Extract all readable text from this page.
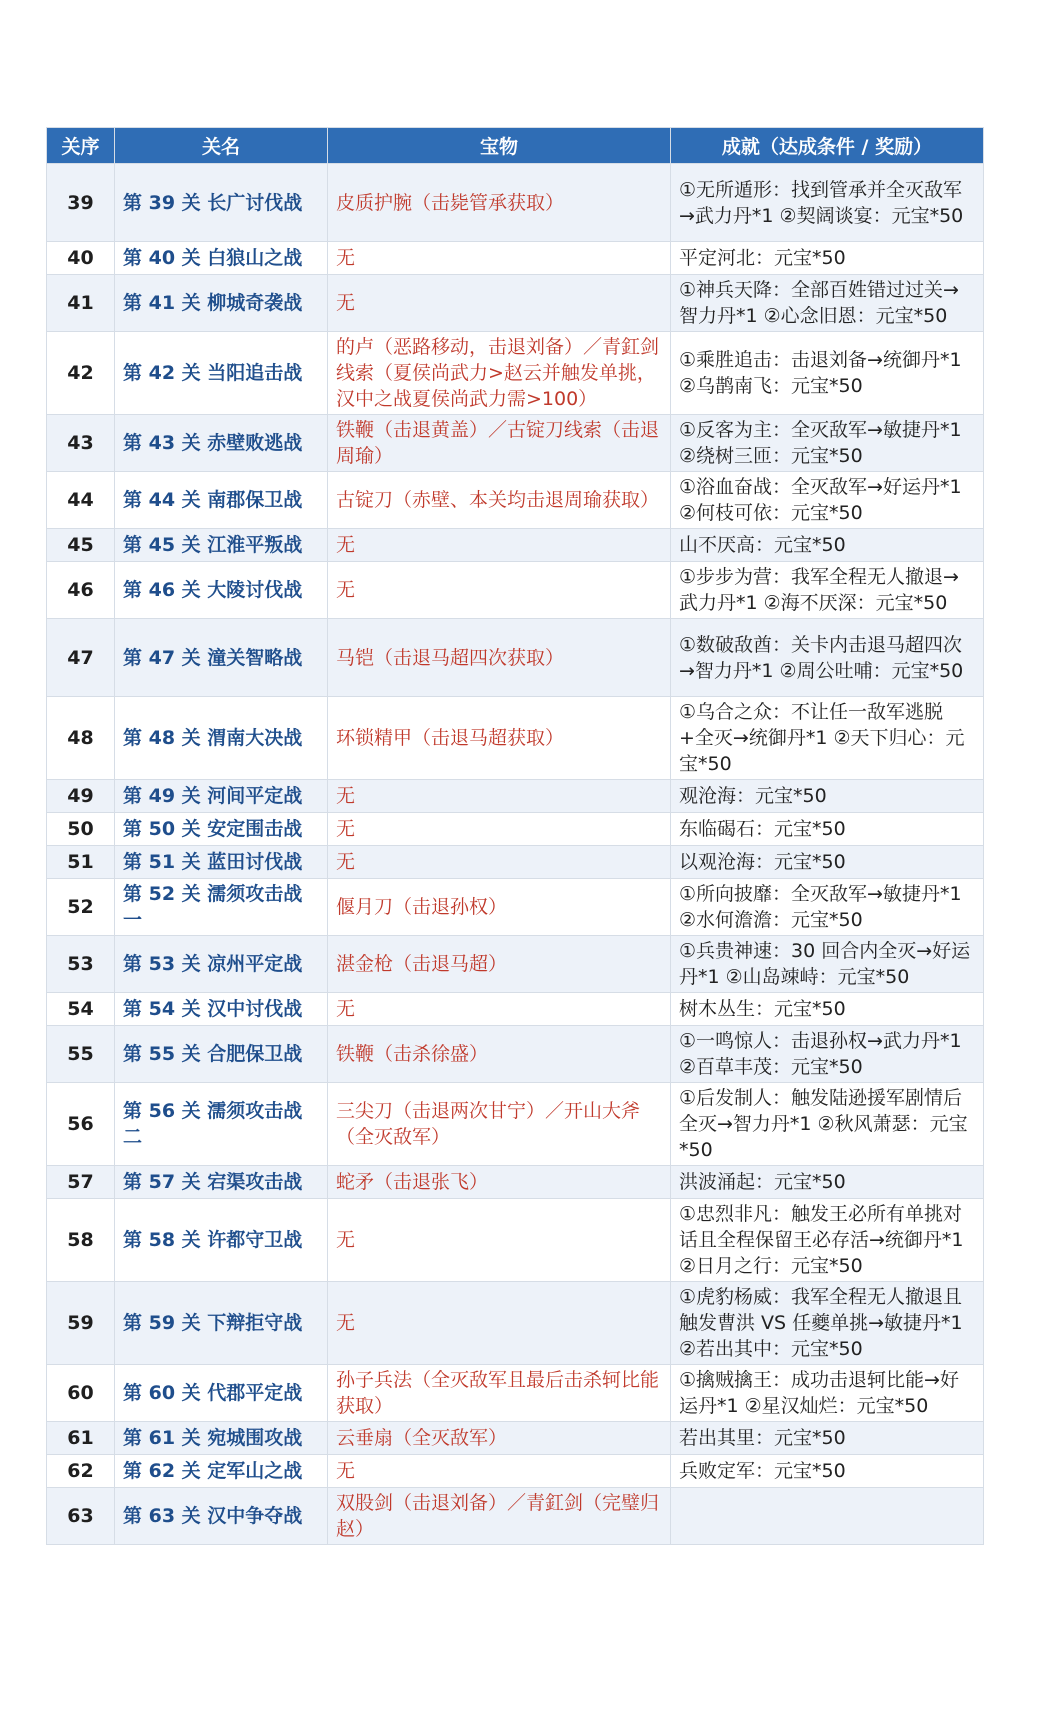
关序	关名	宝物	成就（达成条件 / 奖励）
39	第 39 关 长广讨伐战	皮质护腕（击毙管承获取）	①无所遁形：找到管承并全灭敌军→武力丹*1 ②契阔谈宴：元宝*50
40	第 40 关 白狼山之战	无	平定河北：元宝*50
41	第 41 关 柳城奇袭战	无	①神兵天降：全部百姓错过过关→智力丹*1 ②心念旧恩：元宝*50
42	第 42 关 当阳追击战	的卢（恶路移动，击退刘备）／青釭剑线索（夏侯尚武力>赵云并触发单挑，汉中之战夏侯尚武力需>100）	①乘胜追击：击退刘备→统御丹*1 ②乌鹊南飞：元宝*50
43	第 43 关 赤壁败逃战	铁鞭（击退黄盖）／古锭刀线索（击退周瑜）	①反客为主：全灭敌军→敏捷丹*1 ②绕树三匝：元宝*50
44	第 44 关 南郡保卫战	古锭刀（赤壁、本关均击退周瑜获取）	①浴血奋战：全灭敌军→好运丹*1 ②何枝可依：元宝*50
45	第 45 关 江淮平叛战	无	山不厌高：元宝*50
46	第 46 关 大陵讨伐战	无	①步步为营：我军全程无人撤退→武力丹*1 ②海不厌深：元宝*50
47	第 47 关 潼关智略战	马铠（击退马超四次获取）	①数破敌酋：关卡内击退马超四次→智力丹*1 ②周公吐哺：元宝*50
48	第 48 关 渭南大决战	环锁精甲（击退马超获取）	①乌合之众：不让任一敌军逃脱+全灭→统御丹*1 ②天下归心：元宝*50
49	第 49 关 河间平定战	无	观沧海：元宝*50
50	第 50 关 安定围击战	无	东临碣石：元宝*50
51	第 51 关 蓝田讨伐战	无	以观沧海：元宝*50
52	第 52 关 濡须攻击战一	偃月刀（击退孙权）	①所向披靡：全灭敌军→敏捷丹*1 ②水何澹澹：元宝*50
53	第 53 关 凉州平定战	湛金枪（击退马超）	①兵贵神速：30 回合内全灭→好运丹*1 ②山岛竦峙：元宝*50
54	第 54 关 汉中讨伐战	无	树木丛生：元宝*50
55	第 55 关 合肥保卫战	铁鞭（击杀徐盛）	①一鸣惊人：击退孙权→武力丹*1 ②百草丰茂：元宝*50
56	第 56 关 濡须攻击战二	三尖刀（击退两次甘宁）／开山大斧（全灭敌军）	①后发制人：触发陆逊援军剧情后全灭→智力丹*1 ②秋风萧瑟：元宝*50
57	第 57 关 宕渠攻击战	蛇矛（击退张飞）	洪波涌起：元宝*50
58	第 58 关 许都守卫战	无	①忠烈非凡：触发王必所有单挑对话且全程保留王必存活→统御丹*1 ②日月之行：元宝*50
59	第 59 关 下辩拒守战	无	①虎豹杨威：我军全程无人撤退且触发曹洪 VS 任夔单挑→敏捷丹*1 ②若出其中：元宝*50
60	第 60 关 代郡平定战	孙子兵法（全灭敌军且最后击杀轲比能获取）	①擒贼擒王：成功击退轲比能→好运丹*1 ②星汉灿烂：元宝*50
61	第 61 关 宛城围攻战	云垂扇（全灭敌军）	若出其里：元宝*50
62	第 62 关 定军山之战	无	兵败定军：元宝*50
63	第 63 关 汉中争夺战	双股剑（击退刘备）／青釭剑（完璧归赵）	
